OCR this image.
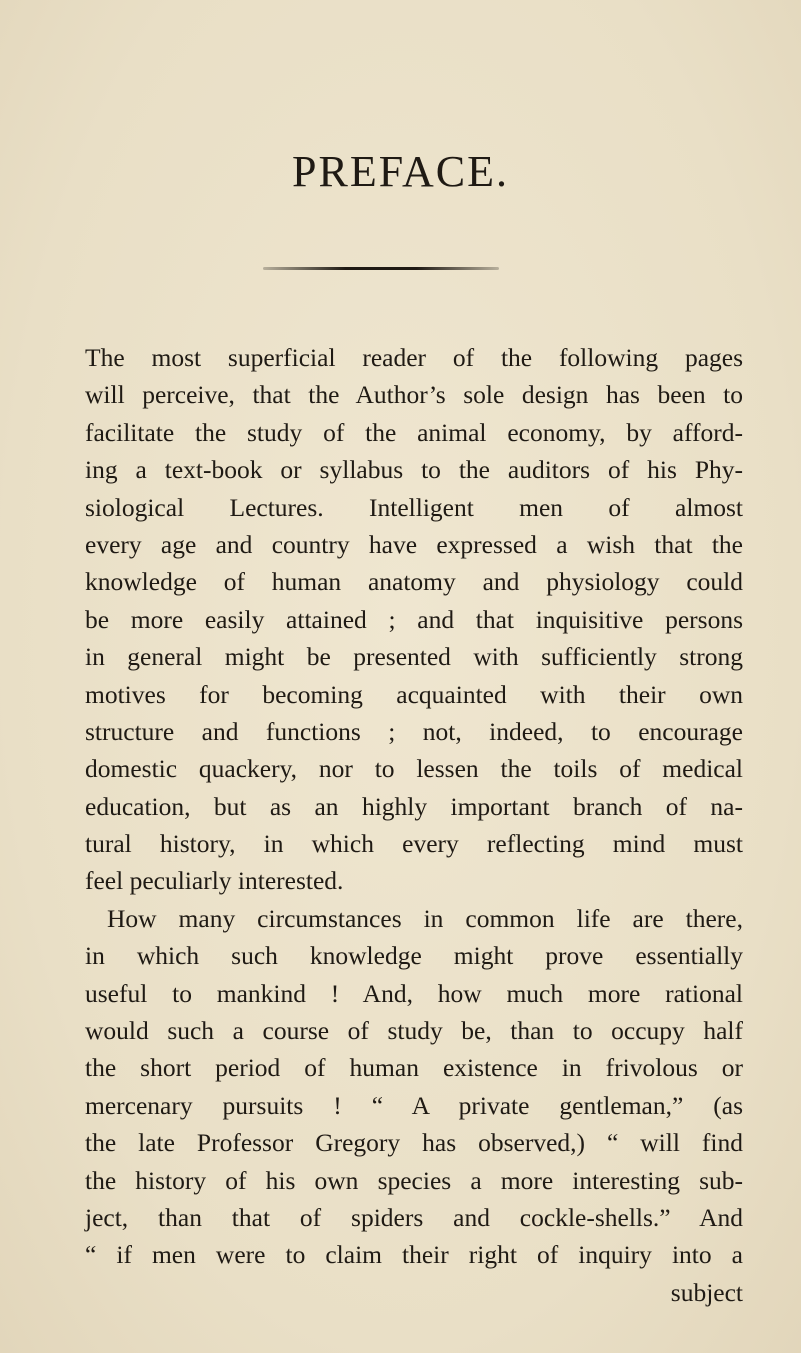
PREFACE.
The most superficial reader of the following pages
will perceive, that the Author’s sole design has been to
facilitate the study of the animal economy, by afford-
ing a text-book or syllabus to the auditors of his Phy-
siological Lectures. Intelligent men of almost
every age and country have expressed a wish that the
knowledge of human anatomy and physiology could
be more easily attained ; and that inquisitive persons
in general might be presented with sufficiently strong
motives for becoming acquainted with their own
structure and functions ; not, indeed, to encourage
domestic quackery, nor to lessen the toils of medical
education, but as an highly important branch of na-
tural history, in which every reflecting mind must
feel peculiarly interested.
How many circumstances in common life are there,
in which such knowledge might prove essentially
useful to mankind ! And, how much more rational
would such a course of study be, than to occupy half
the short period of human existence in frivolous or
mercenary pursuits ! “ A private gentleman,” (as
the late Professor Gregory has observed,) “ will find
the history of his own species a more interesting sub-
ject, than that of spiders and cockle-shells.” And
“ if men were to claim their right of inquiry into a
subject
